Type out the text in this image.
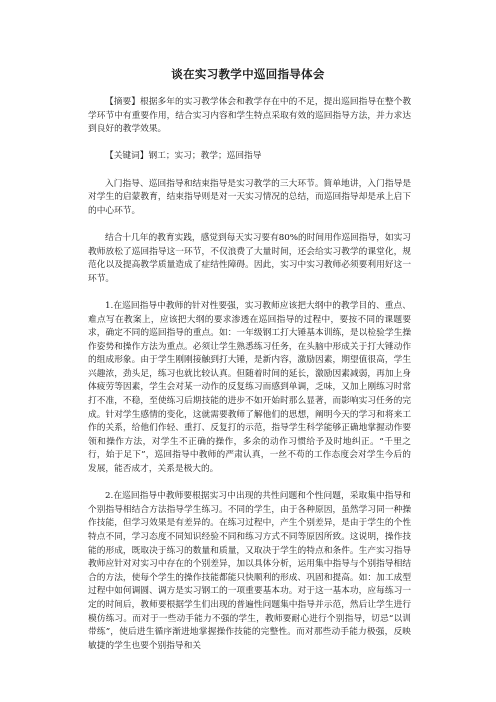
谈在实习教学中巡回指导体会

【摘要】根据多年的实习教学体会和教学存在中的不足，提出巡回指导在整个教学环节中有重要作用，结合实习内容和学生特点采取有效的巡回指导方法，并力求达到良好的教学效果。

【关键词】钢工；实习；教学；巡回指导

入门指导、巡回指导和结束指导是实习教学的三大环节。简单地讲，入门指导是对学生的启蒙教育，结束指导则是对一天实习情况的总结，而巡回指导却是承上启下的中心环节。

结合十几年的教育实践，感觉到每天实习要有80%的时间用作巡回指导，如实习教师放松了巡回指导这一环节，不仅浪费了大量时间，还会给实习教学的课堂化，规范化以及提高教学质量造成了症结性障碍。因此，实习中实习教师必须要利用好这一环节。

1.在巡回指导中教师的针对性要强，实习教师应该把大纲中的教学目的、重点、难点写在教案上，应该把大纲的要求渗透在巡回指导的过程中，要按不同的课题要求，确定不同的巡回指导的重点。如：一年级钢工打大锤基本训练，是以检验学生操作姿势和操作方法为重点。必须让学生熟悉练习任务，在头脑中形成关于打大锤动作的组成形象。由于学生刚刚接触到打大锤，是新内容，激励因素，期望值很高，学生兴趣浓，劲头足，练习也就比较认真。但随着时间的延长，激励因素减弱，再加上身体疲劳等因素，学生会对某一动作的反复练习而感到单调，乏味，又加上刚练习时常打不准，不稳，至使练习后期技能的进步不如开始时那么显著，而影响实习任务的完成。针对学生感情的变化，这就需要教师了解他们的思想，阐明今天的学习和将来工作的关系，给他们作轻、重打、反复打的示范，指导学生科学能够正确地掌握动作要领和操作方法，对学生不正确的操作，多余的动作习惯给予及时地纠正。“千里之行，始于足下”，巡回指导中教师的严肃认真，一丝不苟的工作态度会对学生今后的发展，能否成才，关系是极大的。

2.在巡回指导中教师要根据实习中出现的共性问题和个性问题，采取集中指导和个别指导相结合方法指导学生练习。不同的学生，由于各种原因，虽然学习同一种操作技能，但学习效果是有差异的。在练习过程中，产生个别差异，是由于学生的个性特点不同，学习态度不同知识经验不同和练习方式不同等原因所致。这说明，操作技能的形成，既取决于练习的数量和质量，又取决于学生的特点和条件。生产实习指导教师应针对对实习中存在的个别差异，加以具体分析，运用集中指导与个别指导相结合的方法，使每个学生的操作技能都能只快顺利的形成、巩固和提高。如：加工成型过程中如何调圆、调方是实习钢工的一项重要基本功。对于这一基本功，应每练习一定的时间后，教师要根据学生们出现的普遍性问题集中指导并示范，然后让学生进行模仿练习。而对于一些动手能力不强的学生，教师要耐心进行个别指导，切忌“以训带练”，使后进生循序渐进地掌握操作技能的完整性。而对那些动手能力极强，反映敏捷的学生也要个别指导和关
